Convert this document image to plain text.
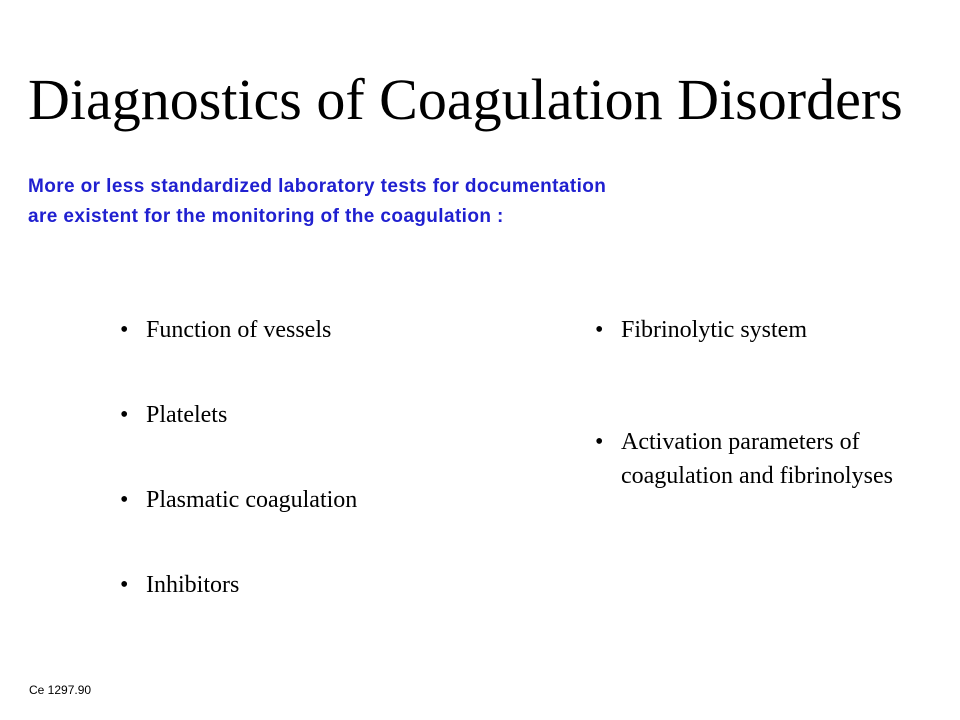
Diagnostics of Coagulation Disorders

More or less standardized laboratory tests for documentation
are existent for the monitoring of the coagulation :

• Function of vessels
• Platelets
• Plasmatic coagulation
• Inhibitors
• Fibrinolytic system
• Activation parameters of coagulation and fibrinolyses
Ce 1297.90
